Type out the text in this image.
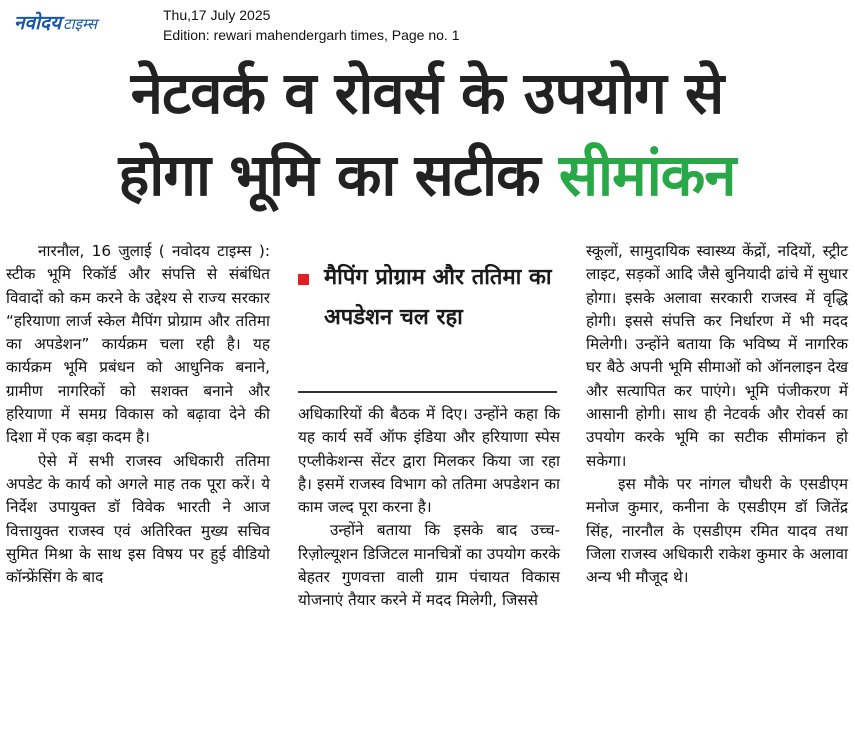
नवोदय टाइम्स	Thu,17 July 2025
Edition: rewari mahendergarh times, Page no. 1
नेटवर्क व रोवर्स के उपयोग से
होगा भूमि का सटीक सीमांकन

नारनौल, 16 जुलाई ( नवोदय टाइम्स ): स्टीक भूमि रिकॉर्ड और संपत्ति से संबंधित विवादों को कम करने के उद्देश्य से राज्य सरकार “हरियाणा लार्ज स्केल मैपिंग प्रोग्राम और ततिमा का अपडेशन” कार्यक्रम चला रही है। यह कार्यक्रम भूमि प्रबंधन को आधुनिक बनाने, ग्रामीण नागरिकों को सशक्त बनाने और हरियाणा में समग्र विकास को बढ़ावा देने की दिशा में एक बड़ा कदम है।

ऐसे में सभी राजस्व अधिकारी ततिमा अपडेट के कार्य को अगले माह तक पूरा करें। ये निर्देश उपायुक्त डॉ विवेक भारती ने आज वित्तायुक्त राजस्व एवं अतिरिक्त मुख्य सचिव सुमित मिश्रा के साथ इस विषय पर हुई वीडियो कॉन्फ्रेंसिंग के बाद

मैपिंग प्रोग्राम और ततिमा का अपडेशन चल रहा

अधिकारियों की बैठक में दिए। उन्होंने कहा कि यह कार्य सर्वे ऑफ इंडिया और हरियाणा स्पेस एप्लीकेशन्स सेंटर द्वारा मिलकर किया जा रहा है। इसमें राजस्व विभाग को ततिमा अपडेशन का काम जल्द पूरा करना है।

उन्होंने बताया कि इसके बाद उच्च-रिज़ोल्यूशन डिजिटल मानचित्रों का उपयोग करके बेहतर गुणवत्ता वाली ग्राम पंचायत विकास योजनाएं तैयार करने में मदद मिलेगी, जिससे

स्कूलों, सामुदायिक स्वास्थ्य केंद्रों, नदियों, स्ट्रीट लाइट, सड़कों आदि जैसे बुनियादी ढांचे में सुधार होगा। इसके अलावा सरकारी राजस्व में वृद्धि होगी। इससे संपत्ति कर निर्धारण में भी मदद मिलेगी। उन्होंने बताया कि भविष्य में नागरिक घर बैठे अपनी भूमि सीमाओं को ऑनलाइन देख और सत्यापित कर पाएंगे। भूमि पंजीकरण में आसानी होगी। साथ ही नेटवर्क और रोवर्स का उपयोग करके भूमि का सटीक सीमांकन हो सकेगा।

इस मौके पर नांगल चौधरी के एसडीएम मनोज कुमार, कनीना के एसडीएम डॉ जितेंद्र सिंह, नारनौल के एसडीएम रमित यादव तथा जिला राजस्व अधिकारी राकेश कुमार के अलावा अन्य भी मौजूद थे।
